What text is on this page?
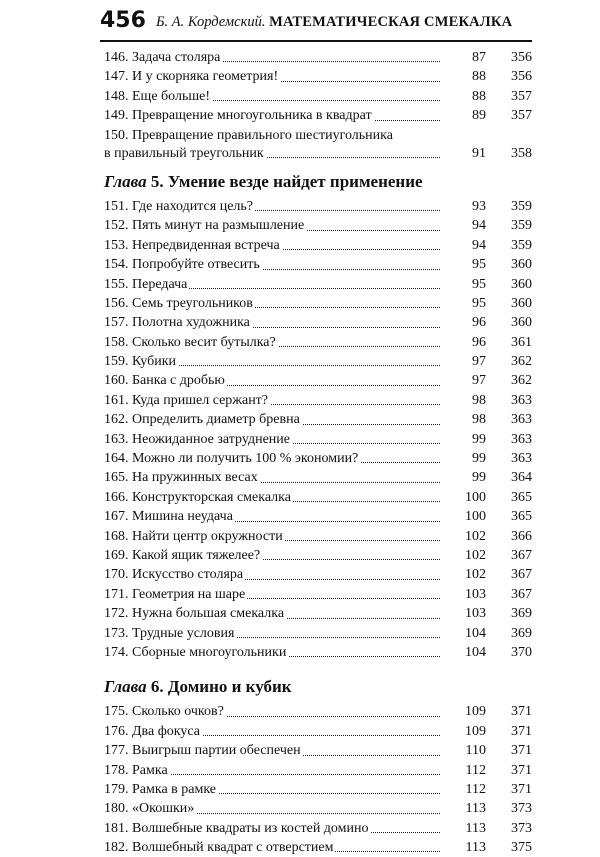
456 Б. А. Кордемский. МАТЕМАТИЧЕСКАЯ СМЕКАЛКА
146. Задача столяра	87	356
147. И у скорняка геометрия!	88	356
148. Еще больше!	88	357
149. Превращение многоугольника в квадрат	89	357
150. Превращение правильного шестиугольника
в правильный треугольник	91	358
Глава 5. Умение везде найдет применение
151. Где находится цель?	93	359
152. Пять минут на размышление	94	359
153. Непредвиденная встреча	94	359
154. Попробуйте отвесить	95	360
155. Передача	95	360
156. Семь треугольников	95	360
157. Полотна художника	96	360
158. Сколько весит бутылка?	96	361
159. Кубики	97	362
160. Банка с дробью	97	362
161. Куда пришел сержант?	98	363
162. Определить диаметр бревна	98	363
163. Неожиданное затруднение	99	363
164. Можно ли получить 100 % экономии?	99	363
165. На пружинных весах	99	364
166. Конструкторская смекалка	100	365
167. Мишина неудача	100	365
168. Найти центр окружности	102	366
169. Какой ящик тяжелее?	102	367
170. Искусство столяра	102	367
171. Геометрия на шаре	103	367
172. Нужна большая смекалка	103	369
173. Трудные условия	104	369
174. Сборные многоугольники	104	370
Глава 6. Домино и кубик
175. Сколько очков?	109	371
176. Два фокуса	109	371
177. Выигрыш партии обеспечен	110	371
178. Рамка	112	371
179. Рамка в рамке	112	371
180. «Окошки»	113	373
181. Волшебные квадраты из костей домино	113	373
182. Волшебный квадрат с отверстием	113	375
